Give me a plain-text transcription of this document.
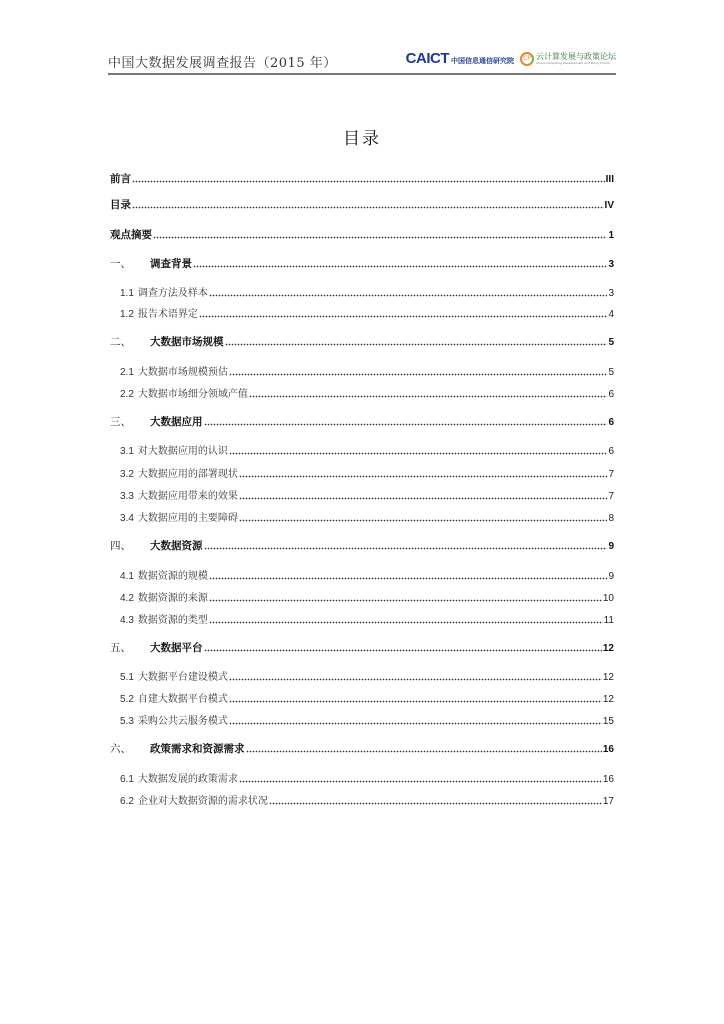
中国大数据发展调查报告（2015 年）	CAICT 中国信息通信研究院	CP 云计算发展与政策论坛
Cloud Computing Development and Policy Forum
目录
前言	III
目录	IV
观点摘要	1
一、	调查背景	3
1.1 调查方法及样本	3
1.2 报告术语界定	4
二、	大数据市场规模	5
2.1 大数据市场规模预估	5
2.2 大数据市场细分领域产值	6
三、	大数据应用	6
3.1 对大数据应用的认识	6
3.2 大数据应用的部署现状	7
3.3 大数据应用带来的效果	7
3.4 大数据应用的主要障碍	8
四、	大数据资源	9
4.1 数据资源的规模	9
4.2 数据资源的来源	10
4.3 数据资源的类型	11
五、	大数据平台	12
5.1 大数据平台建设模式	12
5.2 自建大数据平台模式	12
5.3 采购公共云服务模式	15
六、	政策需求和资源需求	16
6.1 大数据发展的政策需求	16
6.2 企业对大数据资源的需求状况	17
